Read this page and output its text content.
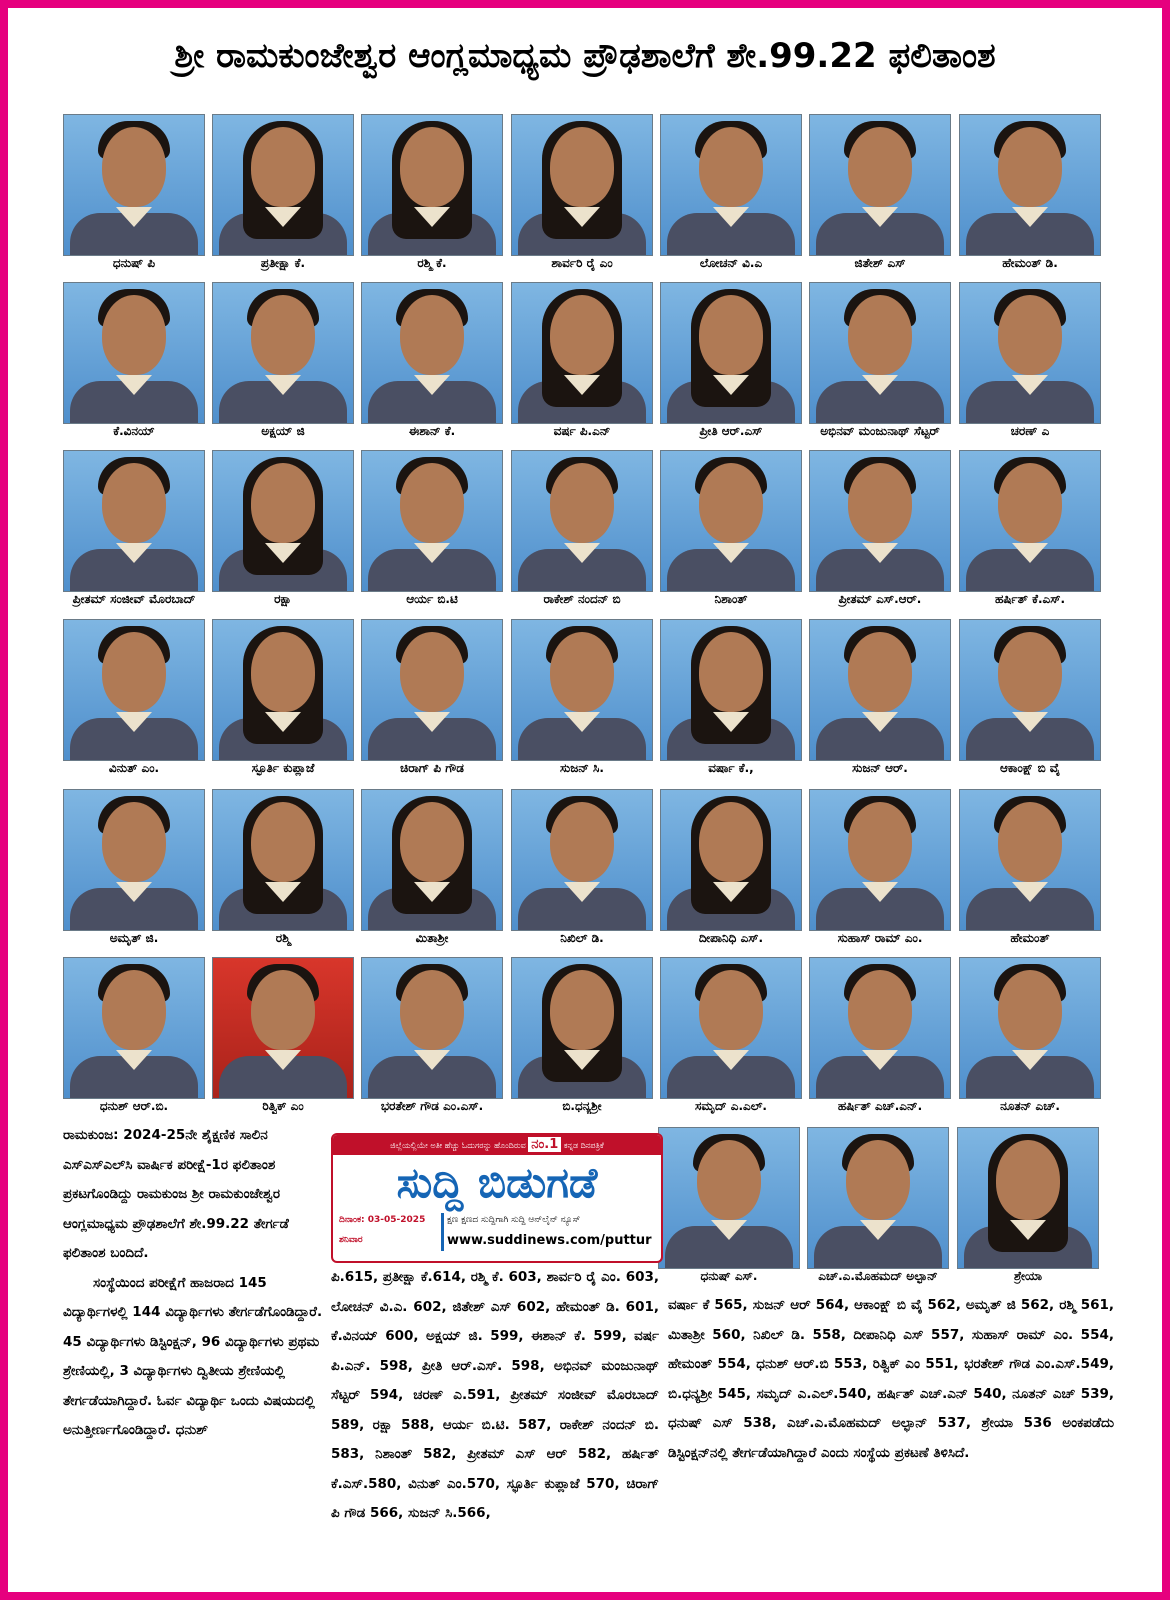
ಶ್ರೀ ರಾಮಕುಂಜೇಶ್ವರ ಆಂಗ್ಲಮಾಧ್ಯಮ ಪ್ರೌಢಶಾಲೆಗೆ ಶೇ.99.22 ಫಲಿತಾಂಶ
ಧನುಷ್ ಪಿ	ಪ್ರತೀಕ್ಷಾ ಕೆ.	ರಶ್ಮಿ ಕೆ.	ಶಾರ್ವರಿ ರೈ ಎಂ	ಲೋಚನ್ ವಿ.ಎ	ಜಿತೇಶ್ ಎಸ್	ಹೇಮಂತ್ ಡಿ.
ಕೆ.ವಿನಯ್	ಅಕ್ಷಯ್ ಜಿ	ಈಶಾನ್ ಕೆ.	ವರ್ಷ ಪಿ.ಎನ್	ಪ್ರೀತಿ ಆರ್.ಎಸ್	ಅಭಿನವ್ ಮಂಜುನಾಥ್ ಸೆಟ್ಟರ್	ಚರಣ್ ಎ
ಪ್ರೀತಮ್ ಸಂಜೀವ್ ಮೊರಬಾದ್	ರಕ್ಷಾ	ಆರ್ಯ ಬಿ.ಟಿ	ರಾಕೇಶ್ ನಂದನ್ ಬಿ	ನಿಶಾಂತ್	ಪ್ರೀತಮ್ ಎಸ್.ಆರ್.	ಹರ್ಷಿತ್ ಕೆ.ಎಸ್.
ವಿನುತ್ ಎಂ.	ಸ್ಫೂರ್ತಿ ಕುಪ್ಲಾಜೆ	ಚಿರಾಗ್ ಪಿ ಗೌಡ	ಸುಜನ್ ಸಿ.	ವರ್ಷಾ ಕೆ.,	ಸುಜನ್ ಆರ್.	ಆಕಾಂಕ್ಷ್ ಬಿ ವೈ
ಅಮೃತ್ ಜಿ.	ರಶ್ಮಿ	ಮಿತಾಶ್ರೀ	ನಿಖಿಲ್ ಡಿ.	ದೀಪಾನಿಧಿ ಎಸ್.	ಸುಹಾಸ್ ರಾಮ್ ಎಂ.	ಹೇಮಂತ್
ಧನುಶ್ ಆರ್.ಬಿ.	ರಿತ್ವಿಕ್ ಎಂ	ಭರತೇಶ್ ಗೌಡ ಎಂ.ಎಸ್.	ಬಿ.ಧನ್ಯಶ್ರೀ	ಸಮೃದ್ ಎ.ಎಲ್.	ಹರ್ಷಿತ್ ಎಚ್.ಎನ್.	ನೂತನ್ ಎಚ್.
ಧನುಷ್ ಎಸ್.	ಎಚ್.ಎ.ಮೊಹಮದ್ ಅಲ್ಫಾನ್	ಶ್ರೇಯಾ

ರಾಮಕುಂಜ: 2024-25ನೇ ಶೈಕ್ಷಣಿಕ ಸಾಲಿನ ಎಸ್‌ಎಸ್‌ಎಲ್‌ಸಿ ವಾರ್ಷಿಕ ಪರೀಕ್ಷೆ-1ರ ಫಲಿತಾಂಶ ಪ್ರಕಟಗೊಂಡಿದ್ದು ರಾಮಕುಂಜ ಶ್ರೀ ರಾಮಕುಂಜೇಶ್ವರ ಆಂಗ್ಲಮಾಧ್ಯಮ ಪ್ರೌಢಶಾಲೆಗೆ ಶೇ.99.22 ತೇರ್ಗಡೆ ಫಲಿತಾಂಶ ಬಂದಿದೆ.

ಸಂಸ್ಥೆಯಿಂದ ಪರೀಕ್ಷೆಗೆ ಹಾಜರಾದ 145 ವಿದ್ಯಾರ್ಥಿಗಳಲ್ಲಿ 144 ವಿದ್ಯಾರ್ಥಿಗಳು ತೇರ್ಗಡೆಗೊಂಡಿದ್ದಾರೆ. 45 ವಿದ್ಯಾರ್ಥಿಗಳು ಡಿಸ್ಟಿಂಕ್ಷನ್, 96 ವಿದ್ಯಾರ್ಥಿಗಳು ಪ್ರಥಮ ಶ್ರೇಣಿಯಲ್ಲಿ, 3 ವಿದ್ಯಾರ್ಥಿಗಳು ದ್ವಿತೀಯ ಶ್ರೇಣಿಯಲ್ಲಿ ತೇರ್ಗಡೆಯಾಗಿದ್ದಾರೆ. ಓರ್ವ ವಿದ್ಯಾರ್ಥಿ ಒಂದು ವಿಷಯದಲ್ಲಿ ಅನುತ್ತೀರ್ಣಗೊಂಡಿದ್ದಾರೆ. ಧನುಶ್

ಜಿಲ್ಲೆಯಲ್ಲಿಯೇ ಅತೀ ಹೆಚ್ಚು ಓದುಗರನ್ನು ಹೊಂದಿರುವ ನಂ.1 ಕನ್ನಡ ದಿನಪತ್ರಿಕೆ
ಸುದ್ದಿ ಬಿಡುಗಡೆ
ದಿನಾಂಕ: 03-05-2025
ಶನಿವಾರ
ಕ್ಷಣ ಕ್ಷಣದ ಸುದ್ದಿಗಾಗಿ ಸುದ್ದಿ ಆನ್‌ಲೈನ್ ನ್ಯೂಸ್
www.suddinews.com/puttur
ಪಿ.615, ಪ್ರತೀಕ್ಷಾ ಕೆ.614, ರಶ್ಮಿ ಕೆ. 603, ಶಾರ್ವರಿ ರೈ ಎಂ. 603, ಲೋಚನ್ ವಿ.ಎ. 602, ಜಿತೇಶ್ ಎಸ್ 602, ಹೇಮಂತ್ ಡಿ. 601, ಕೆ.ವಿನಯ್ 600, ಅಕ್ಷಯ್ ಜಿ. 599, ಈಶಾನ್ ಕೆ. 599, ವರ್ಷ ಪಿ.ಎನ್. 598, ಪ್ರೀತಿ ಆರ್.ಎಸ್. 598, ಅಭಿನವ್ ಮಂಜುನಾಥ್ ಸೆಟ್ಟರ್ 594, ಚರಣ್ ಎ.591, ಪ್ರೀತಮ್ ಸಂಜೀವ್ ಮೊರಬಾದ್ 589, ರಕ್ಷಾ 588, ಆರ್ಯ ಬಿ.ಟಿ. 587, ರಾಕೇಶ್ ನಂದನ್ ಬಿ. 583, ನಿಶಾಂತ್ 582, ಪ್ರೀತಮ್ ಎಸ್ ಆರ್ 582, ಹರ್ಷಿತ್ ಕೆ.ಎಸ್.580, ವಿನುತ್ ಎಂ.570, ಸ್ಫೂರ್ತಿ ಕುಪ್ಲಾಜೆ 570, ಚಿರಾಗ್ ಪಿ ಗೌಡ 566, ಸುಜನ್ ಸಿ.566,
ವರ್ಷಾ ಕೆ 565, ಸುಜನ್ ಆರ್ 564, ಆಕಾಂಕ್ಷ್ ಬಿ ವೈ 562, ಅಮೃತ್ ಜಿ 562, ರಶ್ಮಿ 561, ಮಿತಾಶ್ರೀ 560, ನಿಖಿಲ್ ಡಿ. 558, ದೀಪಾನಿಧಿ ಎಸ್ 557, ಸುಹಾಸ್ ರಾಮ್ ಎಂ. 554, ಹೇಮಂತ್ 554, ಧನುಶ್ ಆರ್.ಬಿ 553, ರಿತ್ವಿಕ್ ಎಂ 551, ಭರತೇಶ್ ಗೌಡ ಎಂ.ಎಸ್.549, ಬಿ.ಧನ್ಯಶ್ರೀ 545, ಸಮೃದ್ ಎ.ಎಲ್.540, ಹರ್ಷಿತ್ ಎಚ್.ಎನ್ 540, ನೂತನ್ ಎಚ್ 539, ಧನುಷ್ ಎಸ್ 538, ಎಚ್.ಎ.ಮೊಹಮದ್ ಅಲ್ಫಾನ್ 537, ಶ್ರೇಯಾ 536 ಅಂಕಪಡೆದು ಡಿಸ್ಟಿಂಕ್ಷನ್‌ನಲ್ಲಿ ತೇರ್ಗಡೆಯಾಗಿದ್ದಾರೆ ಎಂದು ಸಂಸ್ಥೆಯ ಪ್ರಕಟಣೆ ತಿಳಿಸಿದೆ.
